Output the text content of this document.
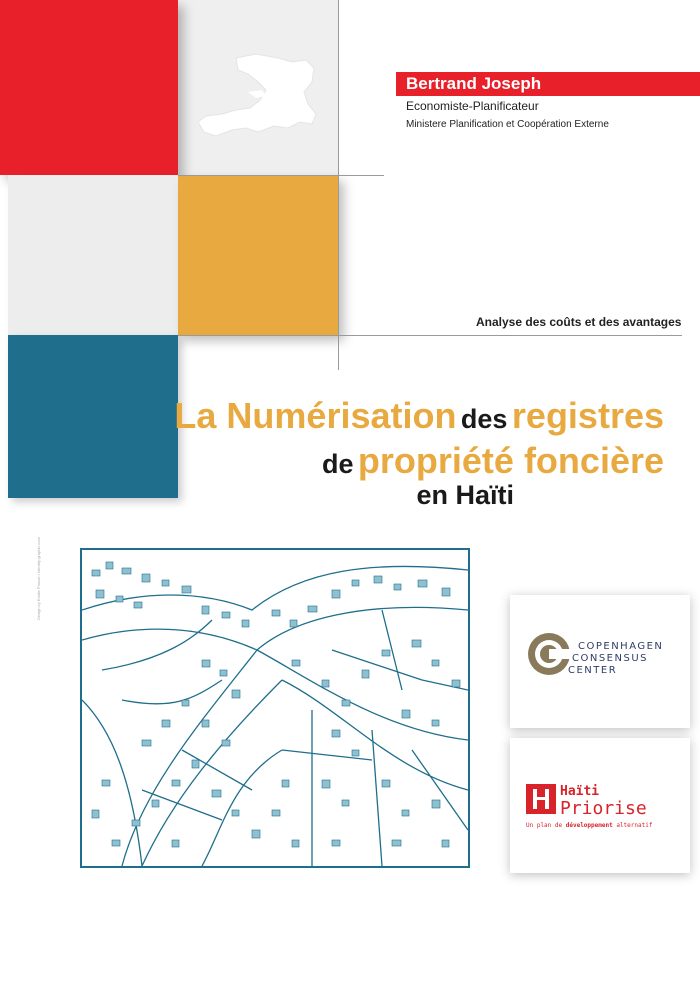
Bertrand Joseph
Economiste-Planificateur
Ministere Planification et Coopération Externe
Analyse des coûts et des avantages
La Numérisation des registres
de propriété foncière
en Haïti
Design by Emilie Prouve • identity-graphic.com
COPENHAGEN
CONSENSUS
CENTER
Haïti
Priorise
Un plan de développement alternatif
